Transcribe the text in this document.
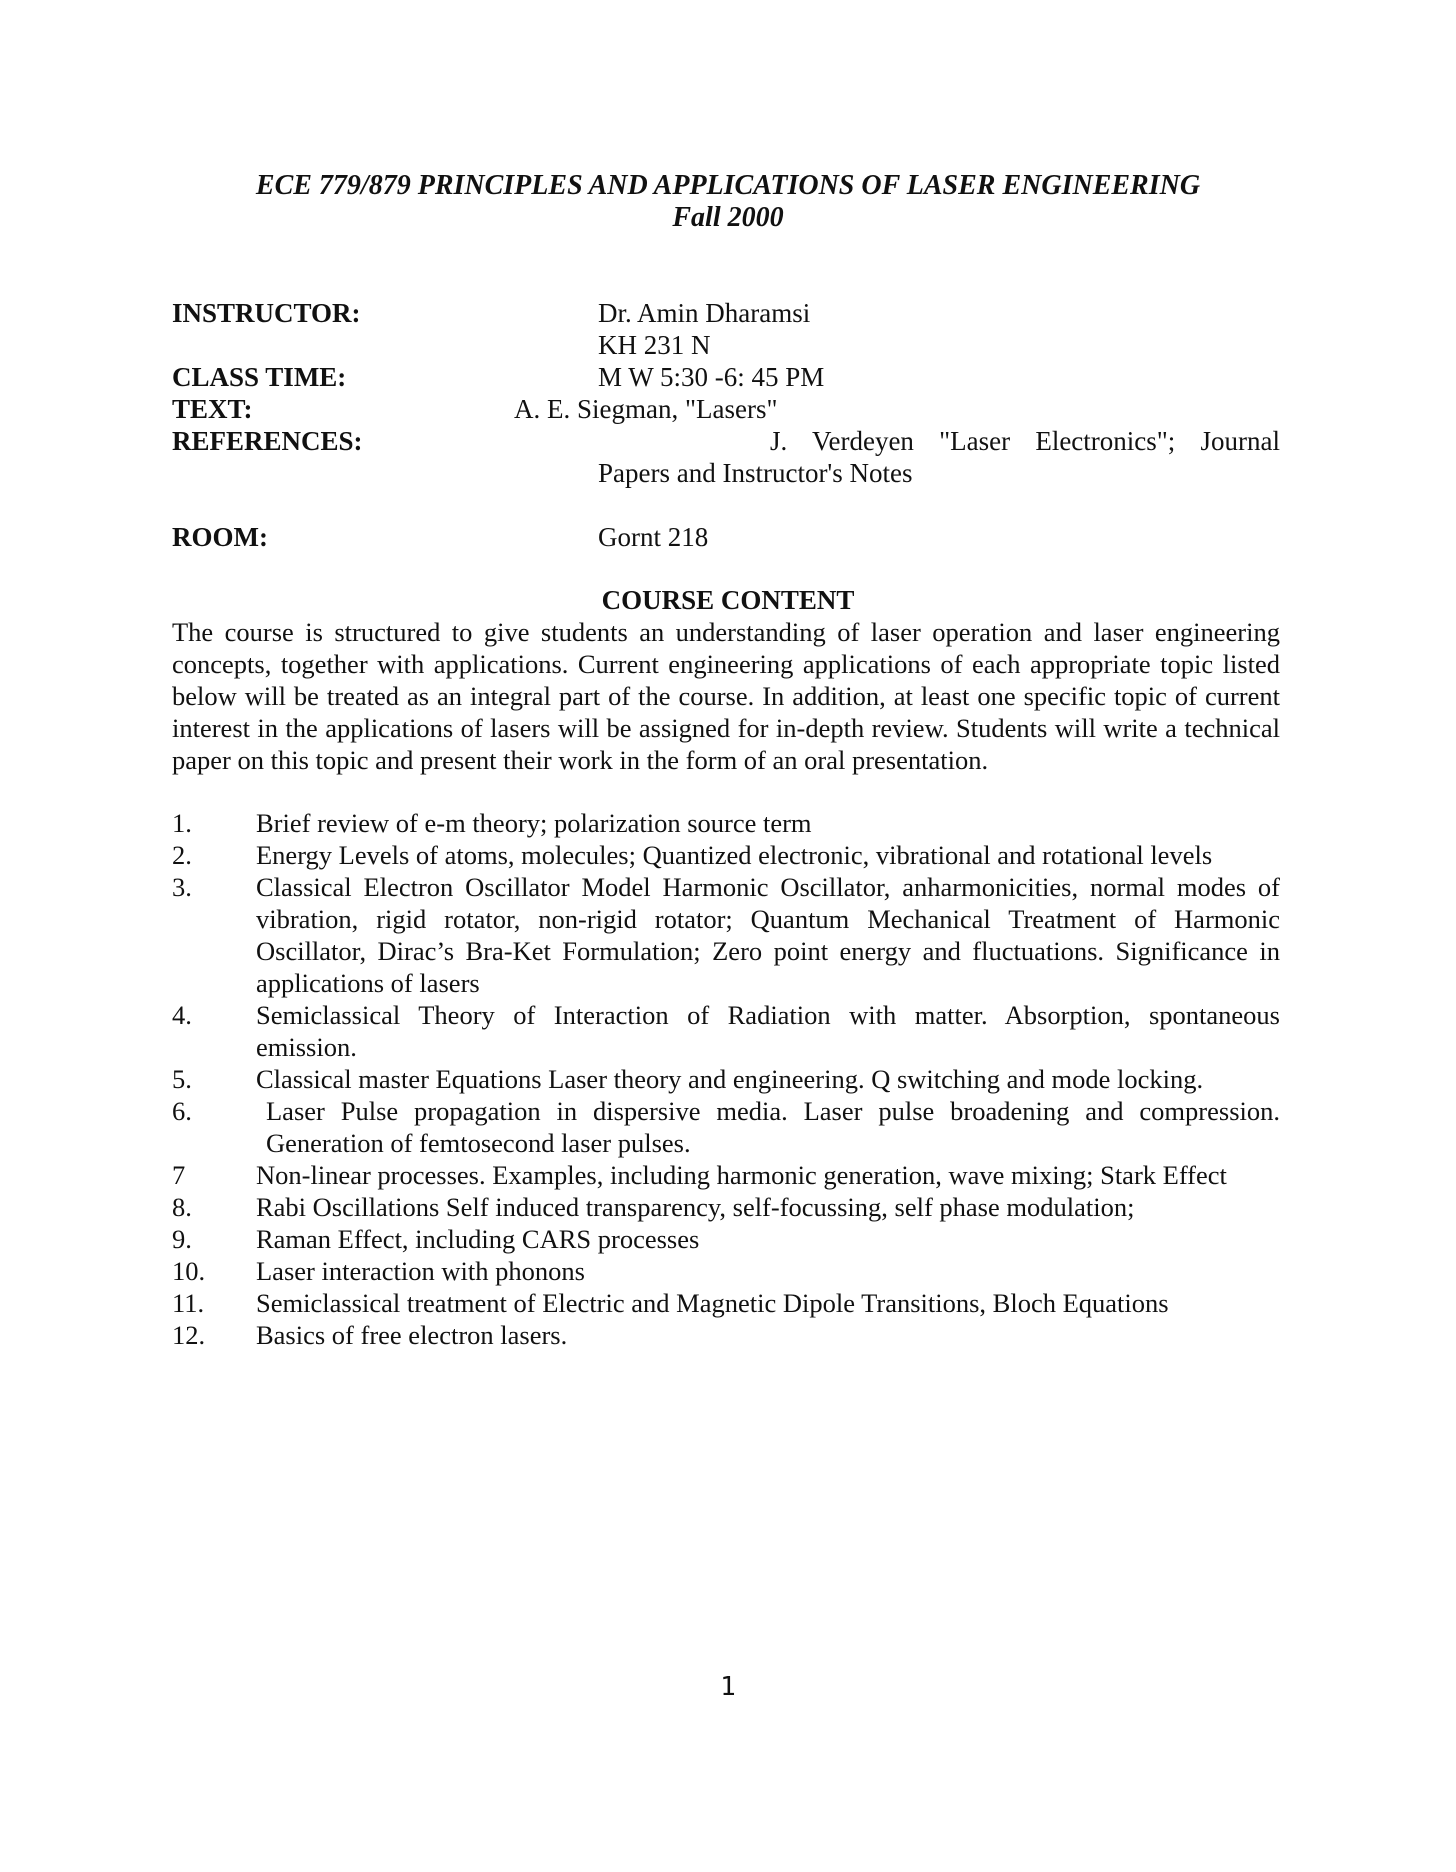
ECE 779/879 PRINCIPLES AND APPLICATIONS OF LASER ENGINEERING
Fall 2000
INSTRUCTOR:	Dr. Amin Dharamsi
KH 231 N
CLASS TIME:	M W 5:30 -6: 45 PM
TEXT:	A. E. Siegman, "Lasers"
REFERENCES:	J. Verdeyen "Laser Electronics"; Journal
Papers and Instructor's Notes
ROOM:	Gornt 218
COURSE CONTENT
The course is structured to give students an understanding of laser operation and laser engineering concepts, together with applications. Current engineering applications of each appropriate topic listed below will be treated as an integral part of the course. In addition, at least one specific topic of current interest in the applications of lasers will be assigned for in-depth review. Students will write a technical paper on this topic and present their work in the form of an oral presentation.
1. Brief review of e-m theory; polarization source term
2. Energy Levels of atoms, molecules; Quantized electronic, vibrational and rotational levels
3. Classical Electron Oscillator Model Harmonic Oscillator, anharmonicities, normal modes of vibration, rigid rotator, non-rigid rotator; Quantum Mechanical Treatment of Harmonic Oscillator, Dirac’s Bra-Ket Formulation; Zero point energy and fluctuations. Significance in applications of lasers
4. Semiclassical Theory of Interaction of Radiation with matter. Absorption, spontaneous emission.
5. Classical master Equations Laser theory and engineering. Q switching and mode locking.
6.	Laser Pulse propagation in dispersive media. Laser pulse broadening and compression. Generation of femtosecond laser pulses.
7	Non-linear processes. Examples, including harmonic generation, wave mixing; Stark Effect
8. Rabi Oscillations Self induced transparency, self-focussing, self phase modulation;
9. Raman Effect, including CARS processes
10. Laser interaction with phonons
11. Semiclassical treatment of Electric and Magnetic Dipole Transitions, Bloch Equations
12. Basics of free electron lasers.
1
